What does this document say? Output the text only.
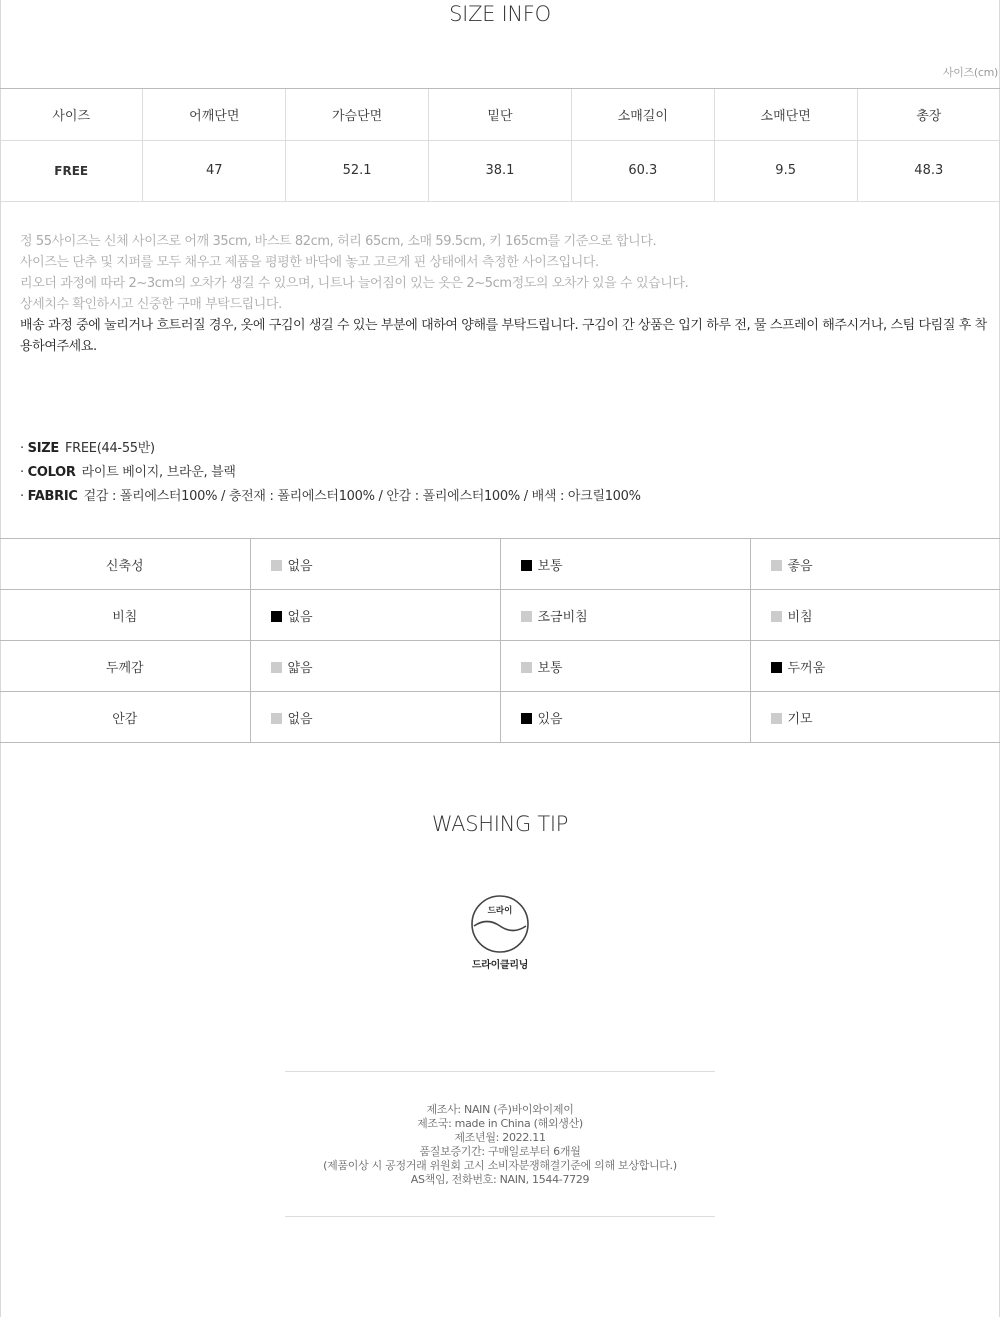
SIZE INFO
사이즈(cm)
사이즈	어깨단면	가슴단면	밑단	소매길이	소매단면	총장
FREE	47	52.1	38.1	60.3	9.5	48.3
정 55사이즈는 신체 사이즈로 어깨 35cm, 바스트 82cm, 허리 65cm, 소매 59.5cm, 키 165cm를 기준으로 합니다.
사이즈는 단추 및 지퍼를 모두 채우고 제품을 평평한 바닥에 놓고 고르게 핀 상태에서 측정한 사이즈입니다.
리오더 과정에 따라 2~3cm의 오차가 생길 수 있으며, 니트나 늘어짐이 있는 옷은 2~5cm정도의 오차가 있을 수 있습니다.
상세치수 확인하시고 신중한 구매 부탁드립니다.
배송 과정 중에 눌리거나 흐트러질 경우, 옷에 구김이 생길 수 있는 부분에 대하여 양해를 부탁드립니다. 구김이 간 상품은 입기 하루 전, 물 스프레이 해주시거나, 스팀 다림질 후 착용하여주세요.
· SIZE FREE(44-55반)
· COLOR 라이트 베이지, 브라운, 블랙
· FABRIC 겉감 : 폴리에스터100% / 충전재 : 폴리에스터100% / 안감 : 폴리에스터100% / 배색 : 아크릴100%
신축성	없음	보통	좋음
비침	없음	조금비침	비침
두께감	얇음	보통	두꺼움
안감	없음	있음	기모
WASHING TIP
드라이
드라이클리닝
제조사: NAIN (주)바이와이제이
제조국: made in China (해외생산)
제조년월: 2022.11
품질보증기간: 구매일로부터 6개월
(제품이상 시 공정거래 위원회 고시 소비자분쟁해결기준에 의해 보상합니다.)
AS책임, 전화번호: NAIN, 1544-7729
